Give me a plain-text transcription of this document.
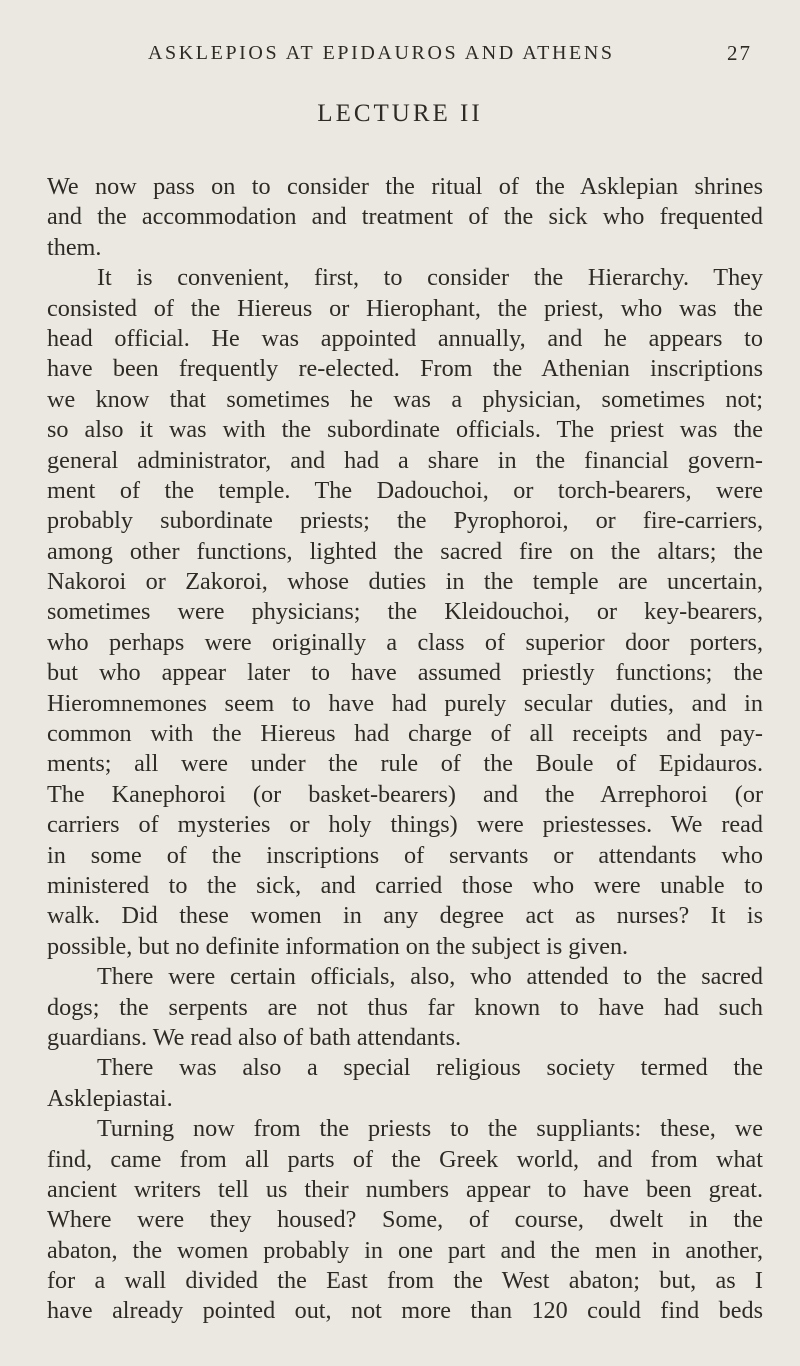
ASKLEPIOS AT EPIDAUROS AND ATHENS	27
LECTURE II
We now pass on to consider the ritual of the Asklepian shrines
and the accommodation and treatment of the sick who frequented
them.
It is convenient, first, to consider the Hierarchy. They
consisted of the Hiereus or Hierophant, the priest, who was the
head official. He was appointed annually, and he appears to
have been frequently re-elected. From the Athenian inscriptions
we know that sometimes he was a physician, sometimes not;
so also it was with the subordinate officials. The priest was the
general administrator, and had a share in the financial govern-
ment of the temple. The Dadouchoi, or torch-bearers, were
probably subordinate priests; the Pyrophoroi, or fire-carriers,
among other functions, lighted the sacred fire on the altars; the
Nakoroi or Zakoroi, whose duties in the temple are uncertain,
sometimes were physicians; the Kleidouchoi, or key-bearers,
who perhaps were originally a class of superior door porters,
but who appear later to have assumed priestly functions; the
Hieromnemones seem to have had purely secular duties, and in
common with the Hiereus had charge of all receipts and pay-
ments; all were under the rule of the Boule of Epidauros.
The Kanephoroi (or basket-bearers) and the Arrephoroi (or
carriers of mysteries or holy things) were priestesses. We read
in some of the inscriptions of servants or attendants who
ministered to the sick, and carried those who were unable to
walk. Did these women in any degree act as nurses? It is
possible, but no definite information on the subject is given.
There were certain officials, also, who attended to the sacred
dogs; the serpents are not thus far known to have had such
guardians. We read also of bath attendants.
There was also a special religious society termed the
Asklepiastai.
Turning now from the priests to the suppliants: these, we
find, came from all parts of the Greek world, and from what
ancient writers tell us their numbers appear to have been great.
Where were they housed? Some, of course, dwelt in the
abaton, the women probably in one part and the men in another,
for a wall divided the East from the West abaton; but, as I
have already pointed out, not more than 120 could find beds
